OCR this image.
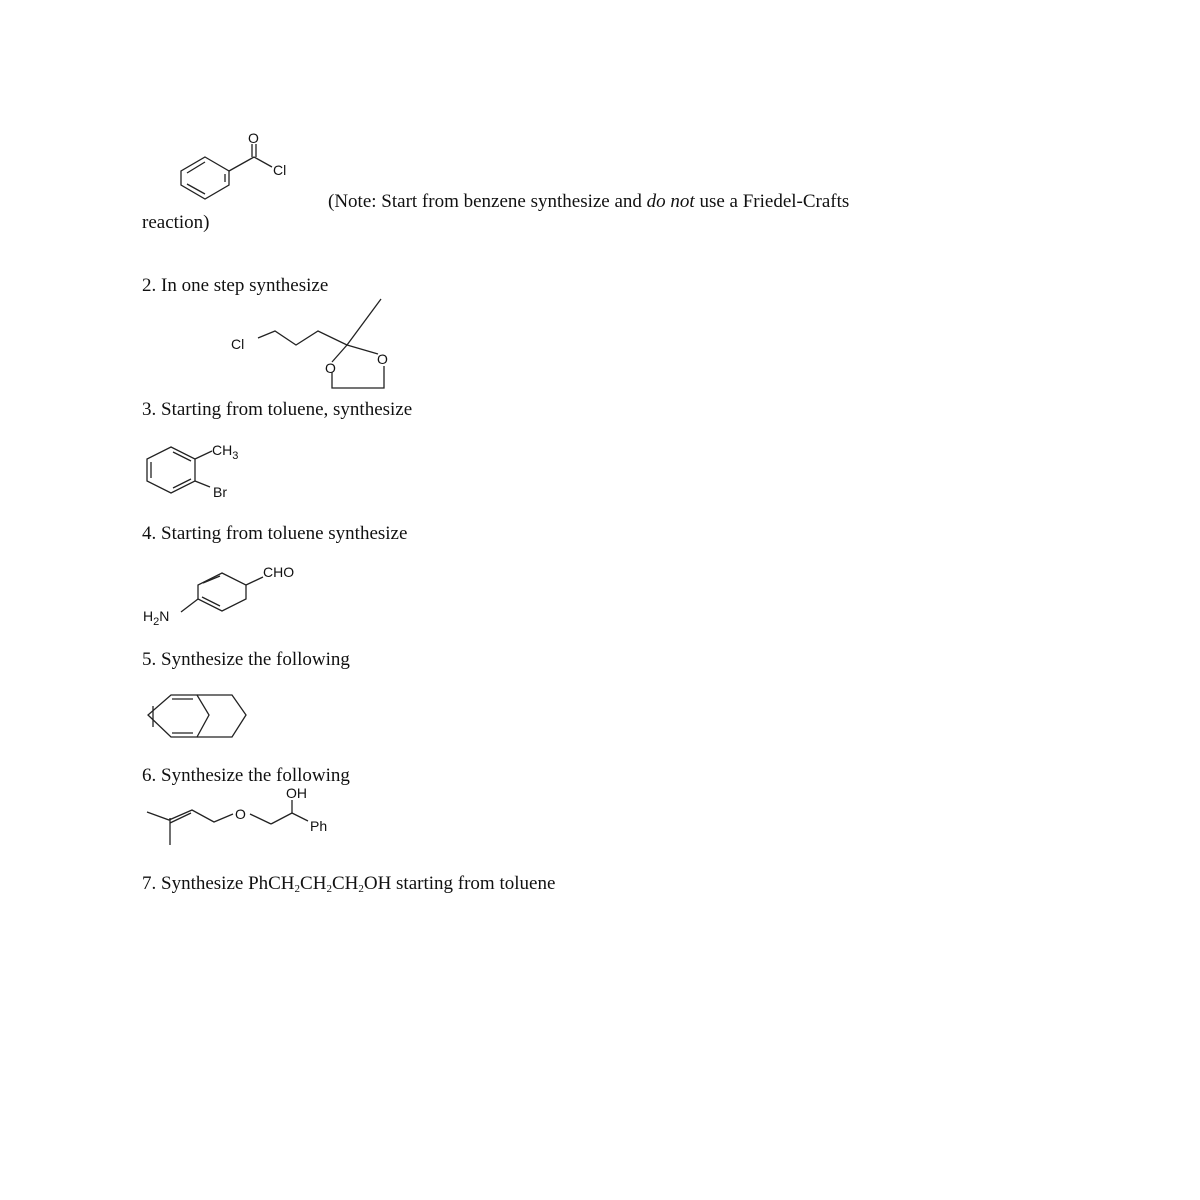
O
Cl
(Note: Start from benzene synthesize and do not use a Friedel-Crafts
reaction)
2. In one step synthesize
Cl
O
O
3. Starting from toluene, synthesize
$CH_3$
Br
4. Starting from toluene synthesize
CHO
$H_2N$
5. Synthesize the following
6. Synthesize the following
OH
O
Ph
7. Synthesize $PhCH_2CH_2CH_2OH$ starting from toluene
